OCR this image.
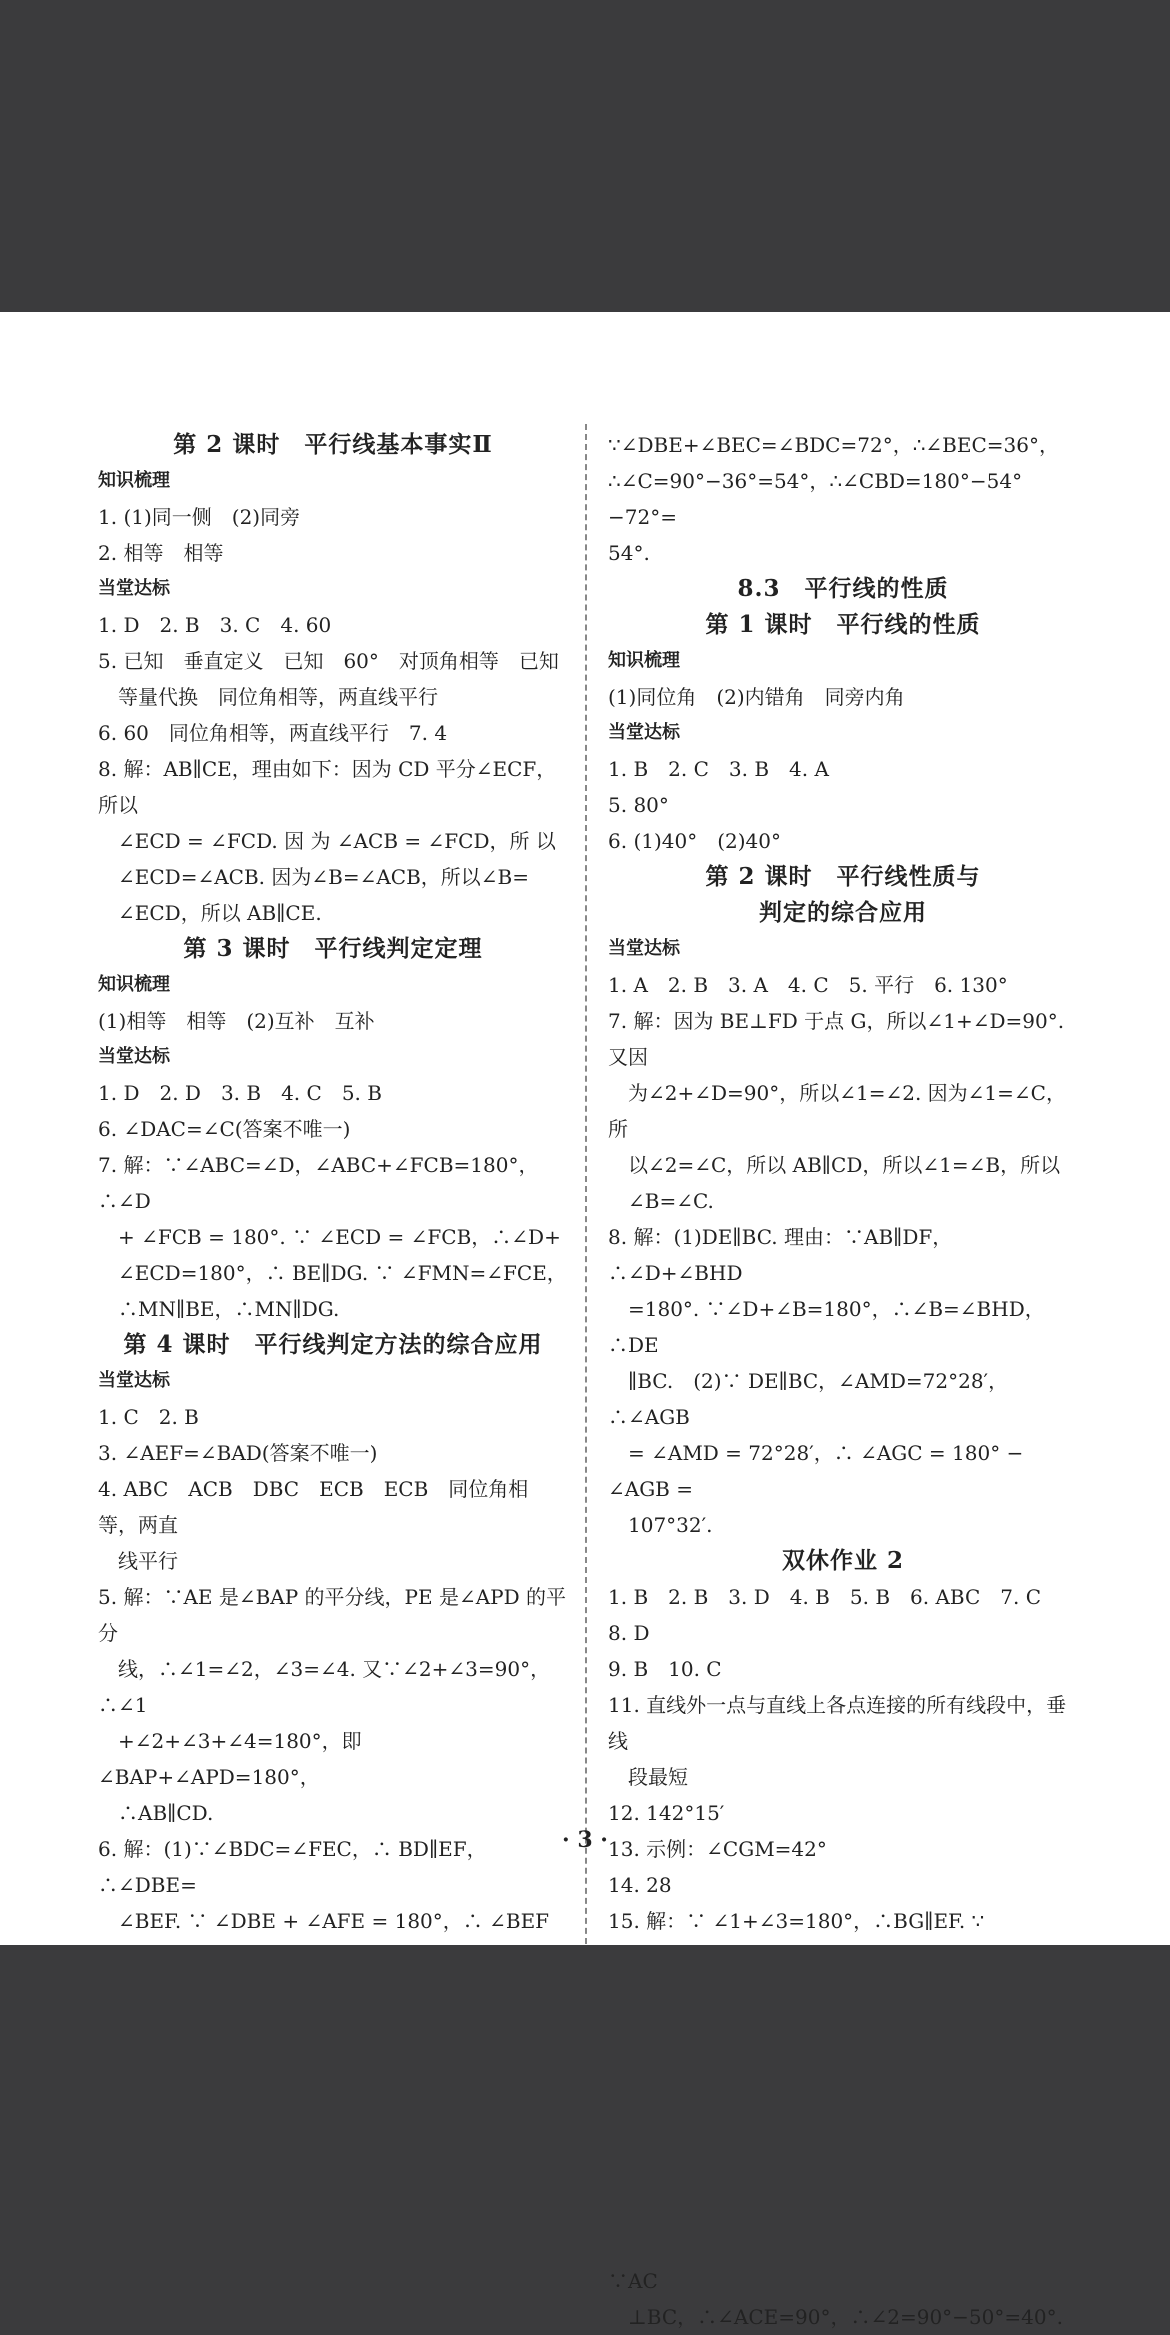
第 2 课时　平行线基本事实Ⅱ
知识梳理
1. (1)同一侧　(2)同旁
2. 相等　相等
当堂达标
1. D　2. B　3. C　4. 60
5. 已知　垂直定义　已知　60°　对顶角相等　已知
　等量代换　同位角相等，两直线平行
6. 60　同位角相等，两直线平行　7. 4
8. 解：AB∥CE，理由如下：因为 CD 平分∠ECF，所以
　∠ECD = ∠FCD. 因 为 ∠ACB = ∠FCD，所 以
　∠ECD=∠ACB. 因为∠B=∠ACB，所以∠B=
　∠ECD，所以 AB∥CE.
第 3 课时　平行线判定定理
知识梳理
(1)相等　相等　(2)互补　互补
当堂达标
1. D　2. D　3. B　4. C　5. B
6. ∠DAC=∠C(答案不唯一)
7. 解：∵∠ABC=∠D，∠ABC+∠FCB=180°，∴∠D
　+ ∠FCB = 180°. ∵ ∠ECD = ∠FCB，∴∠D+
　∠ECD=180°，∴ BE∥DG. ∵ ∠FMN=∠FCE，
　∴MN∥BE，∴MN∥DG.
第 4 课时　平行线判定方法的综合应用
当堂达标
1. C　2. B
3. ∠AEF=∠BAD(答案不唯一)
4. ABC　ACB　DBC　ECB　ECB　同位角相等，两直
　线平行
5. 解：∵AE 是∠BAP 的平分线，PE 是∠APD 的平分
　线，∴∠1=∠2，∠3=∠4. 又∵∠2+∠3=90°，∴∠1
　+∠2+∠3+∠4=180°，即∠BAP+∠APD=180°，
　∴AB∥CD.
6. 解：(1)∵∠BDC=∠FEC，∴ BD∥EF，∴∠DBE=
　∠BEF. ∵ ∠DBE + ∠AFE = 180°，∴ ∠BEF
∵∠DBE+∠BEC=∠BDC=72°，∴∠BEC=36°，
∴∠C=90°−36°=54°，∴∠CBD=180°−54°−72°=
54°.
8.3　平行线的性质
第 1 课时　平行线的性质
知识梳理
(1)同位角　(2)内错角　同旁内角
当堂达标
1. B　2. C　3. B　4. A
5. 80°
6. (1)40°　(2)40°
第 2 课时　平行线性质与
判定的综合应用
当堂达标
1. A　2. B　3. A　4. C　5. 平行　6. 130°
7. 解：因为 BE⊥FD 于点 G，所以∠1+∠D=90°. 又因
　为∠2+∠D=90°，所以∠1=∠2. 因为∠1=∠C，所
　以∠2=∠C，所以 AB∥CD，所以∠1=∠B，所以
　∠B=∠C.
8. 解：(1)DE∥BC. 理由：∵AB∥DF，∴∠D+∠BHD
　=180°. ∵∠D+∠B=180°，∴∠B=∠BHD，∴DE
　∥BC.　(2)∵ DE∥BC，∠AMD=72°28′，∴∠AGB
　= ∠AMD = 72°28′，∴ ∠AGC = 180° − ∠AGB =
　107°32′.
双休作业 2
1. B　2. B　3. D　4. B　5. B　6. ABC　7. C　8. D
9. B　10. C
11. 直线外一点与直线上各点连接的所有线段中，垂线
　段最短
12. 142°15′
13. 示例：∠CGM=42°
14. 28
15. 解：∵ ∠1+∠3=180°，∴BG∥EF. ∵
　 ∵AC
　⊥BC，∴∠ACE=90°，∴∠2=90°−50°=40°.
· 3 ·
